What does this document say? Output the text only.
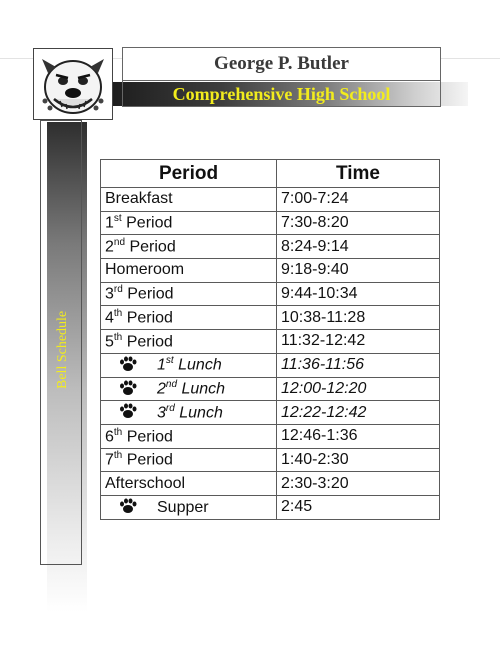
Bell Schedule
George P. Butler
Comprehensive High School
Period	Time
Breakfast	7:00-7:24
1st Period	7:30-8:20
2nd Period	8:24-9:14
Homeroom	9:18-9:40
3rd Period	9:44-10:34
4th Period	10:38-11:28
5th Period	11:32-12:42
1st Lunch	11:36-11:56
2nd Lunch	12:00-12:20
3rd Lunch	12:22-12:42
6th Period	12:46-1:36
7th Period	1:40-2:30
Afterschool	2:30-3:20
Supper	2:45
